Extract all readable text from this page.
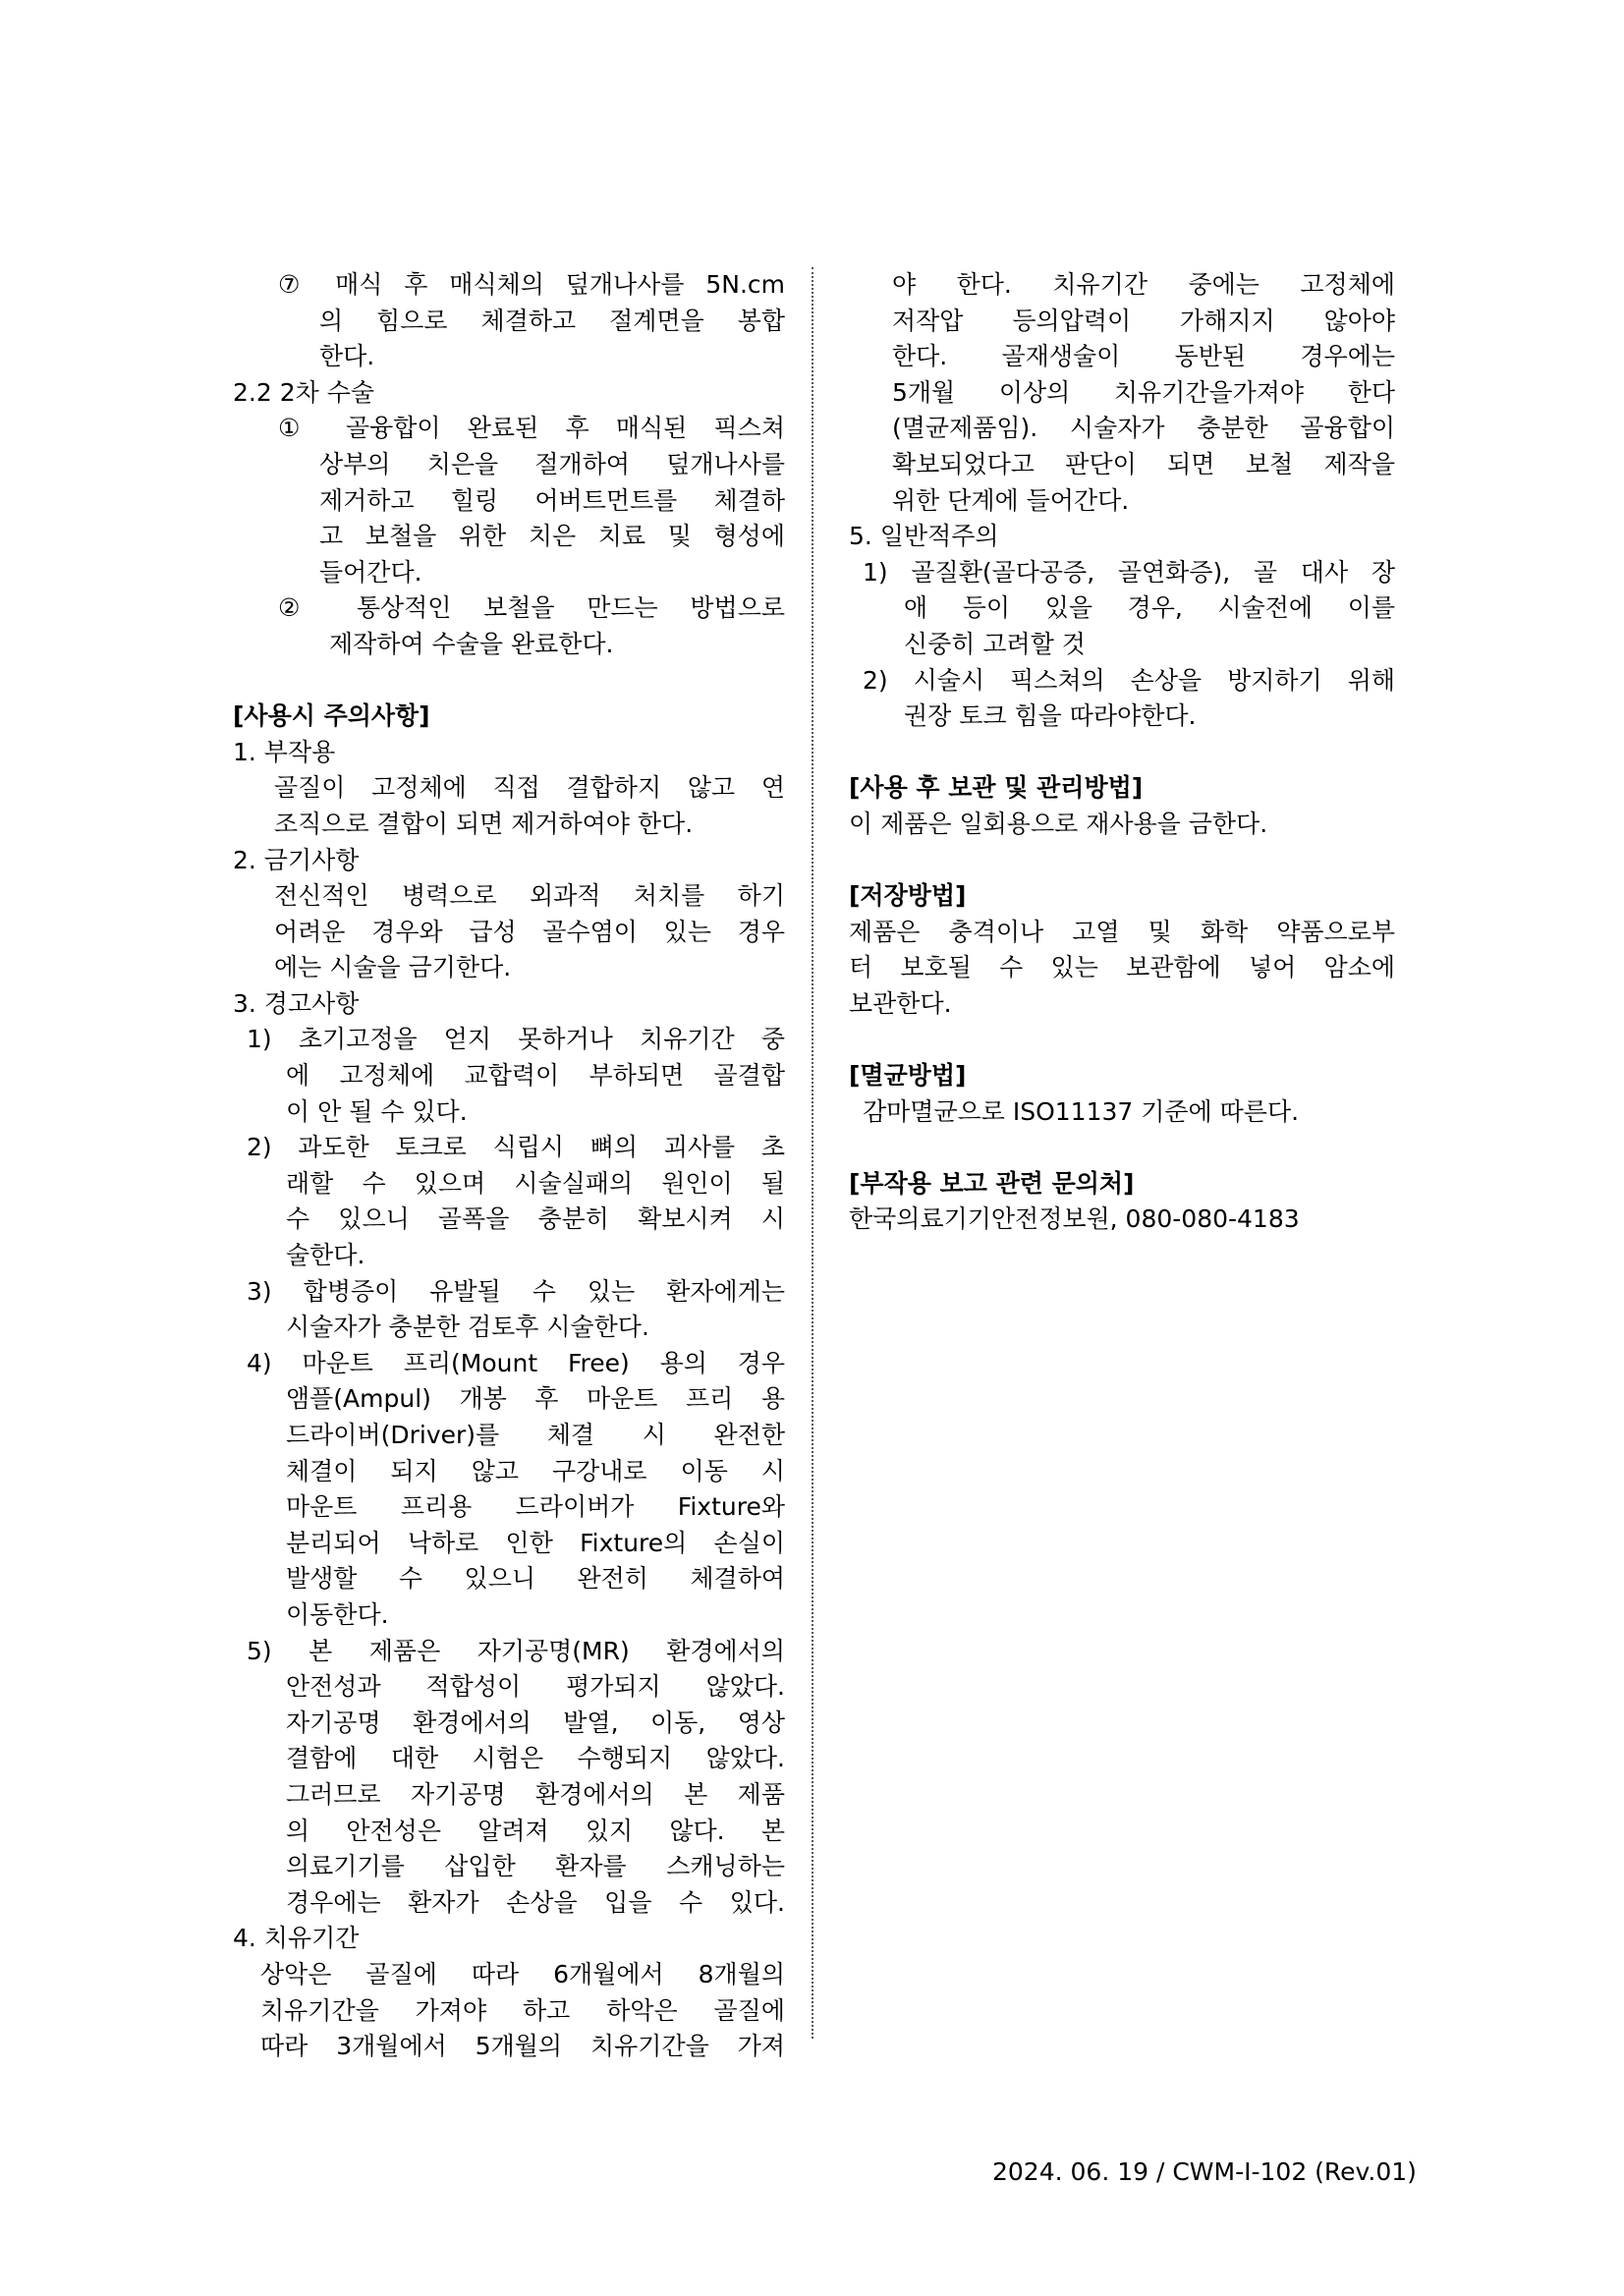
⑦ 매식 후 매식체의 덮개나사를 5N.cm
의 힘으로 체결하고 절계면을 봉합
한다.
2.2 2차 수술
① 골융합이 완료된 후 매식된 픽스쳐
상부의 치은을 절개하여 덮개나사를
제거하고 힐링 어버트먼트를 체결하
고 보철을 위한 치은 치료 및 형성에
들어간다.
② 통상적인 보철을 만드는 방법으로
제작하여 수술을 완료한다.
[사용시 주의사항]
1. 부작용
골질이 고정체에 직접 결합하지 않고 연
조직으로 결합이 되면 제거하여야 한다.
2. 금기사항
전신적인 병력으로 외과적 처치를 하기
어려운 경우와 급성 골수염이 있는 경우
에는 시술을 금기한다.
3. 경고사항
1) 초기고정을 얻지 못하거나 치유기간 중
에 고정체에 교합력이 부하되면 골결합
이 안 될 수 있다.
2) 과도한 토크로 식립시 뼈의 괴사를 초
래할 수 있으며 시술실패의 원인이 될
수 있으니 골폭을 충분히 확보시켜 시
술한다.
3) 합병증이 유발될 수 있는 환자에게는
시술자가 충분한 검토후 시술한다.
4) 마운트 프리(Mount Free) 용의 경우
앰플(Ampul) 개봉 후 마운트 프리 용
드라이버(Driver)를 체결 시 완전한
체결이 되지 않고 구강내로 이동 시
마운트 프리용 드라이버가 Fixture와
분리되어 낙하로 인한 Fixture의 손실이
발생할 수 있으니 완전히 체결하여
이동한다.
5) 본 제품은 자기공명(MR) 환경에서의
안전성과 적합성이 평가되지 않았다.
자기공명 환경에서의 발열, 이동, 영상
결함에 대한 시험은 수행되지 않았다.
그러므로 자기공명 환경에서의 본 제품
의 안전성은 알려져 있지 않다. 본
의료기기를 삽입한 환자를 스캐닝하는
경우에는 환자가 손상을 입을 수 있다.
4. 치유기간
상악은 골질에 따라 6개월에서 8개월의
치유기간을 가져야 하고 하악은 골질에
따라 3개월에서 5개월의 치유기간을 가져
야 한다. 치유기간 중에는 고정체에
저작압 등의압력이 가해지지 않아야
한다. 골재생술이 동반된 경우에는
5개월 이상의 치유기간을가져야 한다
(멸균제품임). 시술자가 충분한 골융합이
확보되었다고 판단이 되면 보철 제작을
위한 단계에 들어간다.
5. 일반적주의
1) 골질환(골다공증, 골연화증), 골 대사 장
애 등이 있을 경우, 시술전에 이를
신중히 고려할 것
2) 시술시 픽스쳐의 손상을 방지하기 위해
권장 토크 힘을 따라야한다.
[사용 후 보관 및 관리방법]
이 제품은 일회용으로 재사용을 금한다.
[저장방법]
제품은 충격이나 고열 및 화학 약품으로부
터 보호될 수 있는 보관함에 넣어 암소에
보관한다.
[멸균방법]
감마멸균으로 ISO11137 기준에 따른다.
[부작용 보고 관련 문의처]
한국의료기기안전정보원, 080-080-4183
2024. 06. 19 / CWM-I-102 (Rev.01)
